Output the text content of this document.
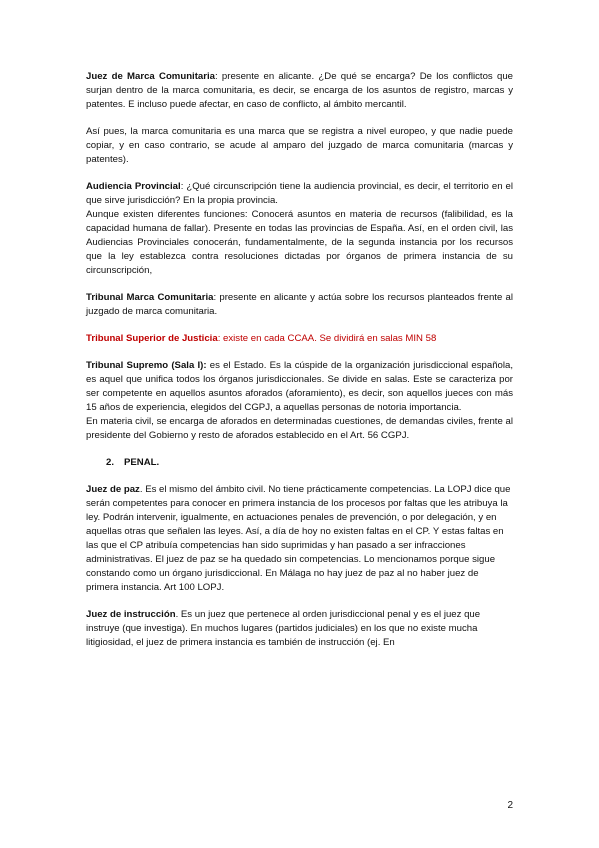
Juez de Marca Comunitaria: presente en alicante. ¿De qué se encarga? De los conflictos que surjan dentro de la marca comunitaria, es decir, se encarga de los asuntos de registro, marcas y patentes. E incluso puede afectar, en caso de conflicto, al ámbito mercantil.

Así pues, la marca comunitaria es una marca que se registra a nivel europeo, y que nadie puede copiar, y en caso contrario, se acude al amparo del juzgado de marca comunitaria (marcas y patentes).

Audiencia Provincial: ¿Qué circunscripción tiene la audiencia provincial, es decir, el territorio en el que sirve jurisdicción? En la propia provincia.

Aunque existen diferentes funciones: Conocerá asuntos en materia de recursos (falibilidad, es la capacidad humana de fallar). Presente en todas las provincias de España. Así, en el orden civil, las Audiencias Provinciales conocerán, fundamentalmente, de la segunda instancia por los recursos que la ley establezca contra resoluciones dictadas por órganos de primera instancia de su circunscripción,

Tribunal Marca Comunitaria: presente en alicante y actúa sobre los recursos planteados frente al juzgado de marca comunitaria.

Tribunal Superior de Justicia: existe en cada CCAA. Se dividirá en salas MIN 58

Tribunal Supremo (Sala I): es el Estado. Es la cúspide de la organización jurisdiccional española, es aquel que unifica todos los órganos jurisdiccionales. Se divide en salas. Este se caracteriza por ser competente en aquellos asuntos aforados (aforamiento), es decir, son aquellos jueces con más 15 años de experiencia, elegidos del CGPJ, a aquellas personas de notoria importancia.

En materia civil, se encarga de aforados en determinadas cuestiones, de demandas civiles, frente al presidente del Gobierno y resto de aforados establecido en el Art. 56 CGPJ.

2. PENAL.

Juez de paz. Es el mismo del ámbito civil. No tiene prácticamente competencias. La LOPJ dice que serán competentes para conocer en primera instancia de los procesos por faltas que les atribuya la ley. Podrán intervenir, igualmente, en actuaciones penales de prevención, o por delegación, y en aquellas otras que señalen las leyes. Así, a día de hoy no existen faltas en el CP. Y estas faltas en las que el CP atribuía competencias han sido suprimidas y han pasado a ser infracciones administrativas. El juez de paz se ha quedado sin competencias. Lo mencionamos porque sigue constando como un órgano jurisdiccional. En Málaga no hay juez de paz al no haber juez de primera instancia. Art 100 LOPJ.

Juez de instrucción. Es un juez que pertenece al orden jurisdiccional penal y es el juez que instruye (que investiga). En muchos lugares (partidos judiciales) en los que no existe mucha litigiosidad, el juez de primera instancia es también de instrucción (ej. En

2
